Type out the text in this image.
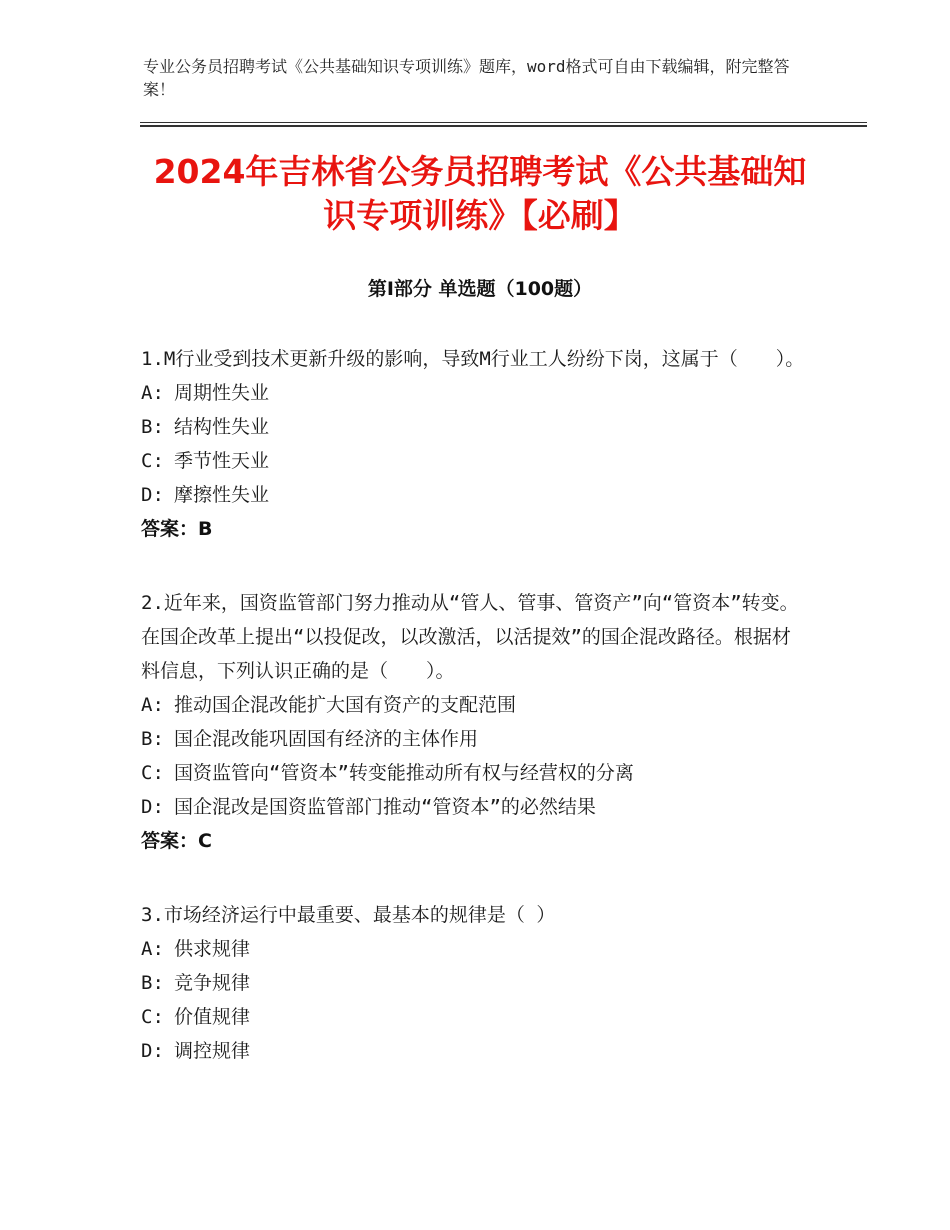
专业公务员招聘考试《公共基础知识专项训练》题库，word格式可自由下载编辑，附完整答案！
2024年吉林省公务员招聘考试《公共基础知识专项训练》【必刷】
第Ⅰ部分 单选题（100题）
1.M行业受到技术更新升级的影响，导致M行业工人纷纷下岗，这属于（　　）。
A: 周期性失业
B: 结构性失业
C: 季节性天业
D: 摩擦性失业
答案：B
2.近年来，国资监管部门努力推动从“管人、管事、管资产”向“管资本”转变。在国企改革上提出“以投促改，以改激活，以活提效”的国企混改路径。根据材料信息，下列认识正确的是（　　）。
A: 推动国企混改能扩大国有资产的支配范围
B: 国企混改能巩固国有经济的主体作用
C: 国资监管向“管资本”转变能推动所有权与经营权的分离
D: 国企混改是国资监管部门推动“管资本”的必然结果
答案：C
3.市场经济运行中最重要、最基本的规律是（ ）
A: 供求规律
B: 竞争规律
C: 价值规律
D: 调控规律
